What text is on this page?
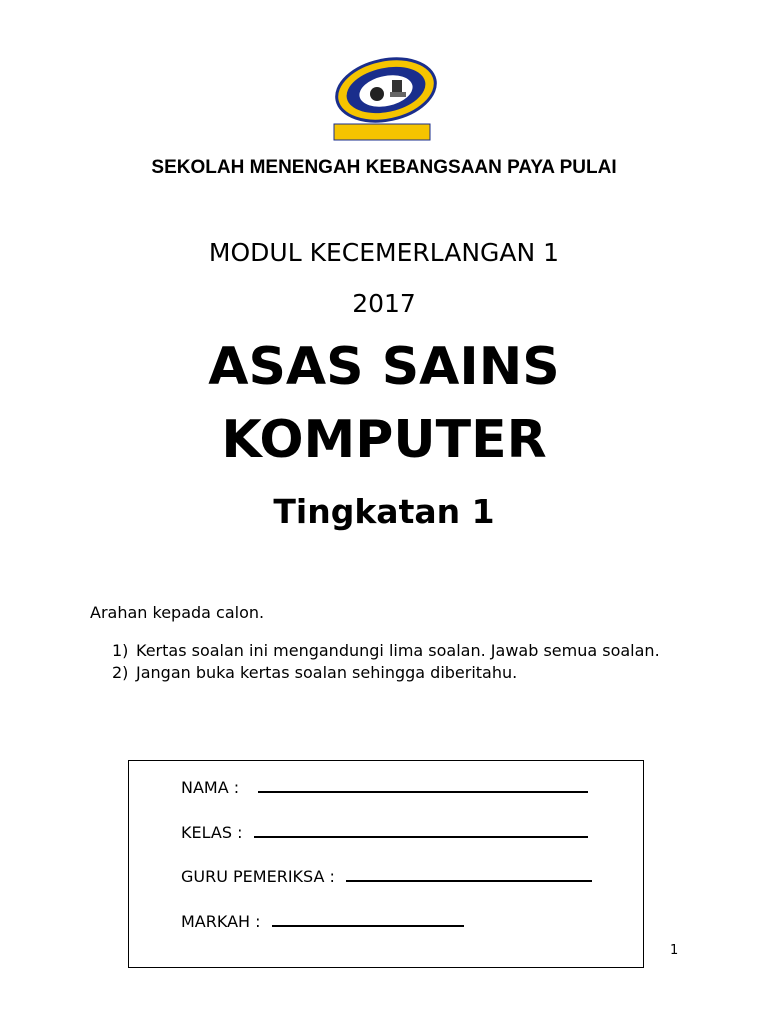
SEKOLAH MENENGAH KEBANGSAAN PAYA PULAI
MODUL KECEMERLANGAN 1
2017
ASAS SAINS
KOMPUTER
Tingkatan 1
Arahan kepada calon.
1) Kertas soalan ini mengandungi lima soalan. Jawab semua soalan.
2) Jangan buka kertas soalan sehingga diberitahu.
NAMA :
KELAS :
GURU PEMERIKSA :
MARKAH :
1
